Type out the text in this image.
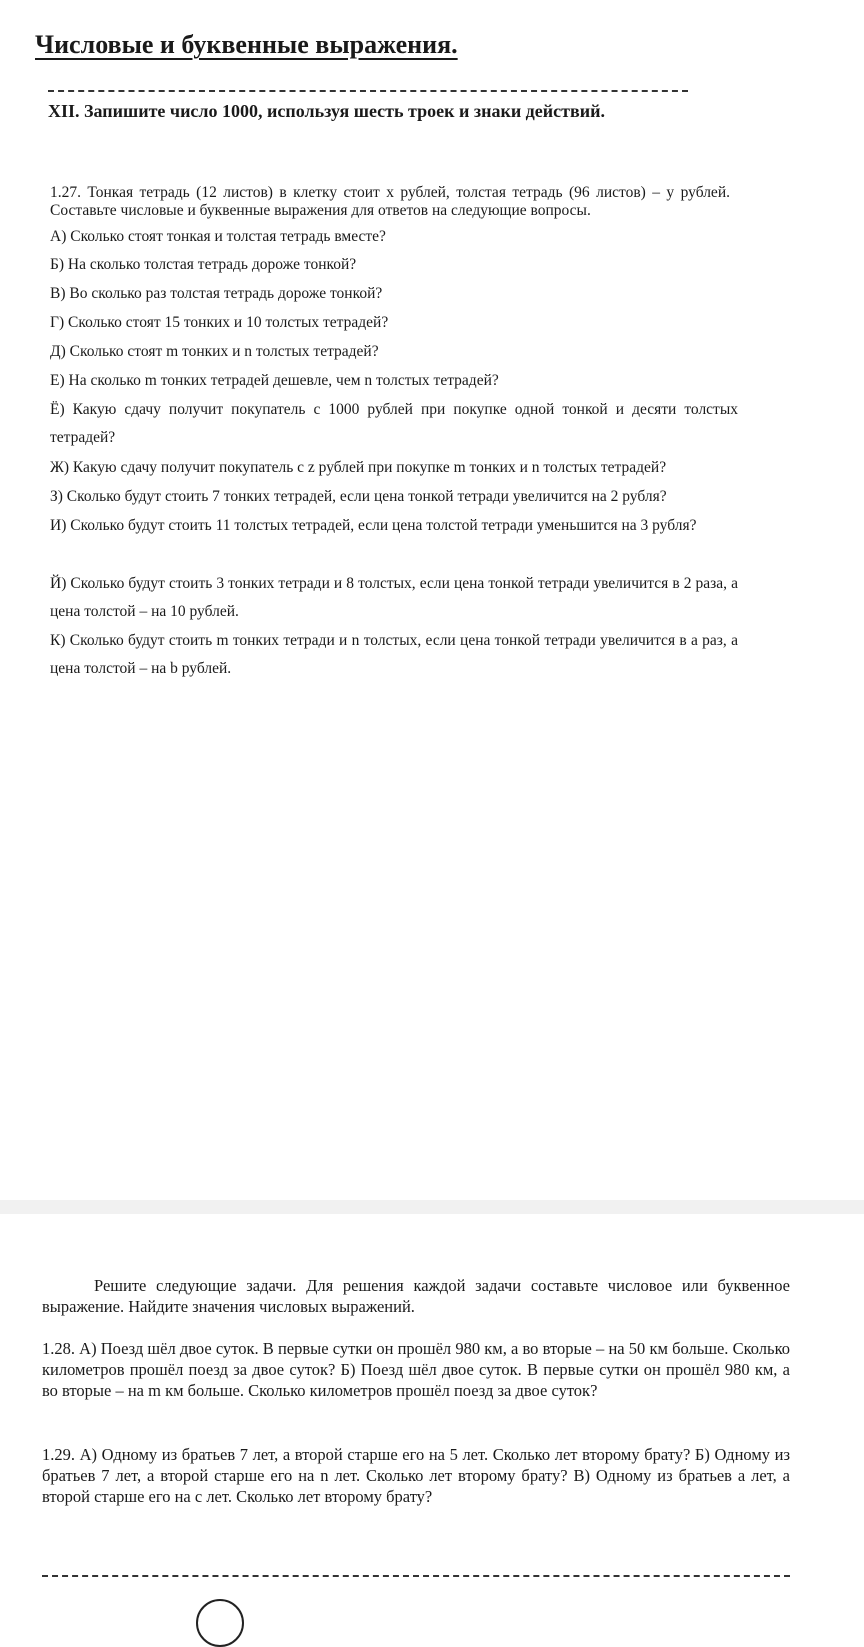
Числовые и буквенные выражения.
XII. Запишите число 1000, используя шесть троек и знаки действий.
1.27. Тонкая тетрадь (12 листов) в клетку стоит x рублей, толстая тетрадь (96 листов) – y рублей. Составьте числовые и буквенные выражения для ответов на следующие вопросы.
А) Сколько стоят тонкая и толстая тетрадь вместе?
Б) На сколько толстая тетрадь дороже тонкой?
В) Во сколько раз толстая тетрадь дороже тонкой?
Г) Сколько стоят 15 тонких и 10 толстых тетрадей?
Д) Сколько стоят m тонких и n толстых тетрадей?
Е) На сколько m тонких тетрадей дешевле, чем n толстых тетрадей?
Ё) Какую сдачу получит покупатель с 1000 рублей при покупке одной тонкой и десяти толстых тетрадей?
Ж) Какую сдачу получит покупатель с z рублей при покупке m тонких и n толстых тетрадей?
З) Сколько будут стоить 7 тонких тетрадей, если цена тонкой тетради увеличится на 2 рубля?
И) Сколько будут стоить 11 толстых тетрадей, если цена толстой тетради уменьшится на 3 рубля?
Й) Сколько будут стоить 3 тонких тетради и 8 толстых, если цена тонкой тетради увеличится в 2 раза, а цена толстой – на 10 рублей.
К) Сколько будут стоить m тонких тетради и n толстых, если цена тонкой тетради увеличится в a раз, а цена толстой – на b рублей.
Решите следующие задачи. Для решения каждой задачи составьте числовое или буквенное выражение. Найдите значения числовых выражений.
1.28. А) Поезд шёл двое суток. В первые сутки он прошёл 980 км, а во вторые – на 50 км больше. Сколько километров прошёл поезд за двое суток? Б) Поезд шёл двое суток. В первые сутки он прошёл 980 км, а во вторые – на m км больше. Сколько километров прошёл поезд за двое суток?
1.29. А) Одному из братьев 7 лет, а второй старше его на 5 лет. Сколько лет второму брату? Б) Одному из братьев 7 лет, а второй старше его на n лет. Сколько лет второму брату? В) Одному из братьев a лет, а второй старше его на c лет. Сколько лет второму брату?
